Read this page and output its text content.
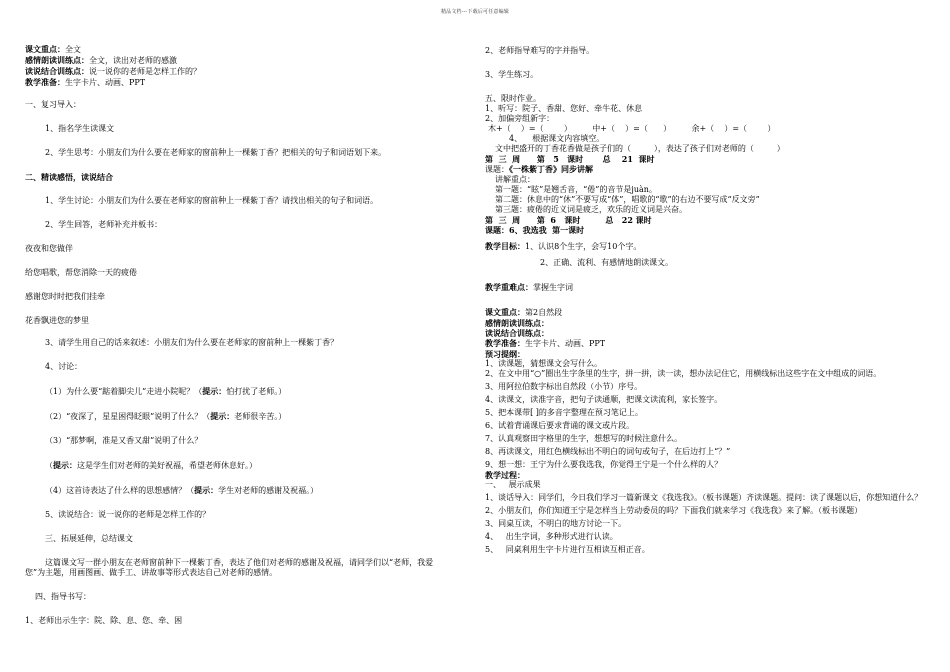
精品文档---下载后可任意编辑
课文重点：全文
感情朗读训练点：全文，读出对老师的感激
读说结合训练点：说一说你的老师是怎样工作的？
教学准备：生字卡片、动画、PPT
一、复习导入：
1、指名学生读课文
2、学生思考：小朋友们为什么要在老师家的窗前种上一棵紫丁香？把相关的句子和词语划下来。
二、精读感悟，读说结合
1、学生讨论：小朋友们为什么要在老师家的窗前种上一棵紫丁香？请找出相关的句子和词语。
2、学生回答，老师补充并板书：
夜夜和您做伴
给您唱歌，帮您消除一天的疲倦
感谢您时时把我们挂牵
花香飘进您的梦里
3、请学生用自己的话来叙述：小朋友们为什么要在老师家的窗前种上一棵紫丁香？
4、讨论：
（1）为什么要“踮着脚尖儿”走进小院呢？（提示：怕打扰了老师。）
（2）“夜深了，星星困得眨眼”说明了什么？（提示：老师很辛苦。）
（3）“那梦啊，准是又香又甜”说明了什么？
（提示：这是学生们对老师的美好祝福，希望老师休息好。）
（4）这首诗表达了什么样的思想感情？（提示：学生对老师的感谢及祝福。）
5、读说结合：说一说你的老师是怎样工作的？
三、拓展延伸，总结课文
这篇课文写一群小朋友在老师窗前种下一棵紫丁香，表达了他们对老师的感谢及祝福，请同学们以“老师，我爱您”为主题，用画图画、做手工、讲故事等形式表达自己对老师的感情。
四、指导书写：
1、老师出示生字：院、除、息、您、牵、困
2、老师指导难写的字并指导。
3、学生练习。
五、限时作业。
1、听写：院子、香甜、您好、牵牛花、休息
2、加偏旁组新字：
木+（    ）=（        ）        中+（    ）=（      ）        余+（    ）=（        ）
4、    根据课文内容填空。
文中把盛开的丁香花香做是孩子们的（         ），表达了孩子们对老师的（         ）
第  三  周      第   5   课时       总    21  课时
课题：《一株紫丁香》同步讲解
讲解重点：
第一题：“眩”是翘舌音，“倦”的音节是juàn。
第二题：休息中的“休”不要写成“体”，唱歌的“歌”的右边不要写成“反文旁”
第三题：疲倦的近义词是疲乏，欢乐的近义词是兴奋。
第  三  周      第  6   课时         总   22 课时
课题：6、我选我  第一课时
教学目标：1、认识8个生字，会写10个字。
2、正确、流利、有感情地朗读课文。
教学重难点：掌握生字词
课文重点：第2自然段
感情朗读训练点：
读说结合训练点：
教学准备：生字卡片、动画、PPT
预习提纲：
1、读课题，猜想课文会写什么。
2、在文中用“○”圈出生字条里的生字，拼一拼，读一读，想办法记住它，用横线标出这些字在文中组成的词语。
3、用阿拉伯数字标出自然段（小节）序号。
4、读课文，读准字音，把句子读通顺，把课文读流利，家长签字。
5、把本课带[ ]的多音字整理在预习笔记上。
6、试着背诵课后要求背诵的课文或片段。
7、认真观察田字格里的生字，想想写的时候注意什么。
8、再读课文，用红色横线标出不明白的词句或句子，在后边打上“？”
9、想一想：王宁为什么要我选我，你觉得王宁是一个什么样的人？
教学过程：
一、   展示成果
1、谈话导入：同学们，今日我们学习一篇新课文《我选我》。（板书课题）齐读课题。提问：读了课题以后，你想知道什么？
2、小朋友们，你们知道王宁是怎样当上劳动委员的吗？下面我们就来学习《我选我》来了解。（板书课题）
3、同桌互读，不明白的地方讨论一下。
4、   出生字词，多种形式进行认读。
5、   同桌利用生字卡片进行互相读互相正音。
